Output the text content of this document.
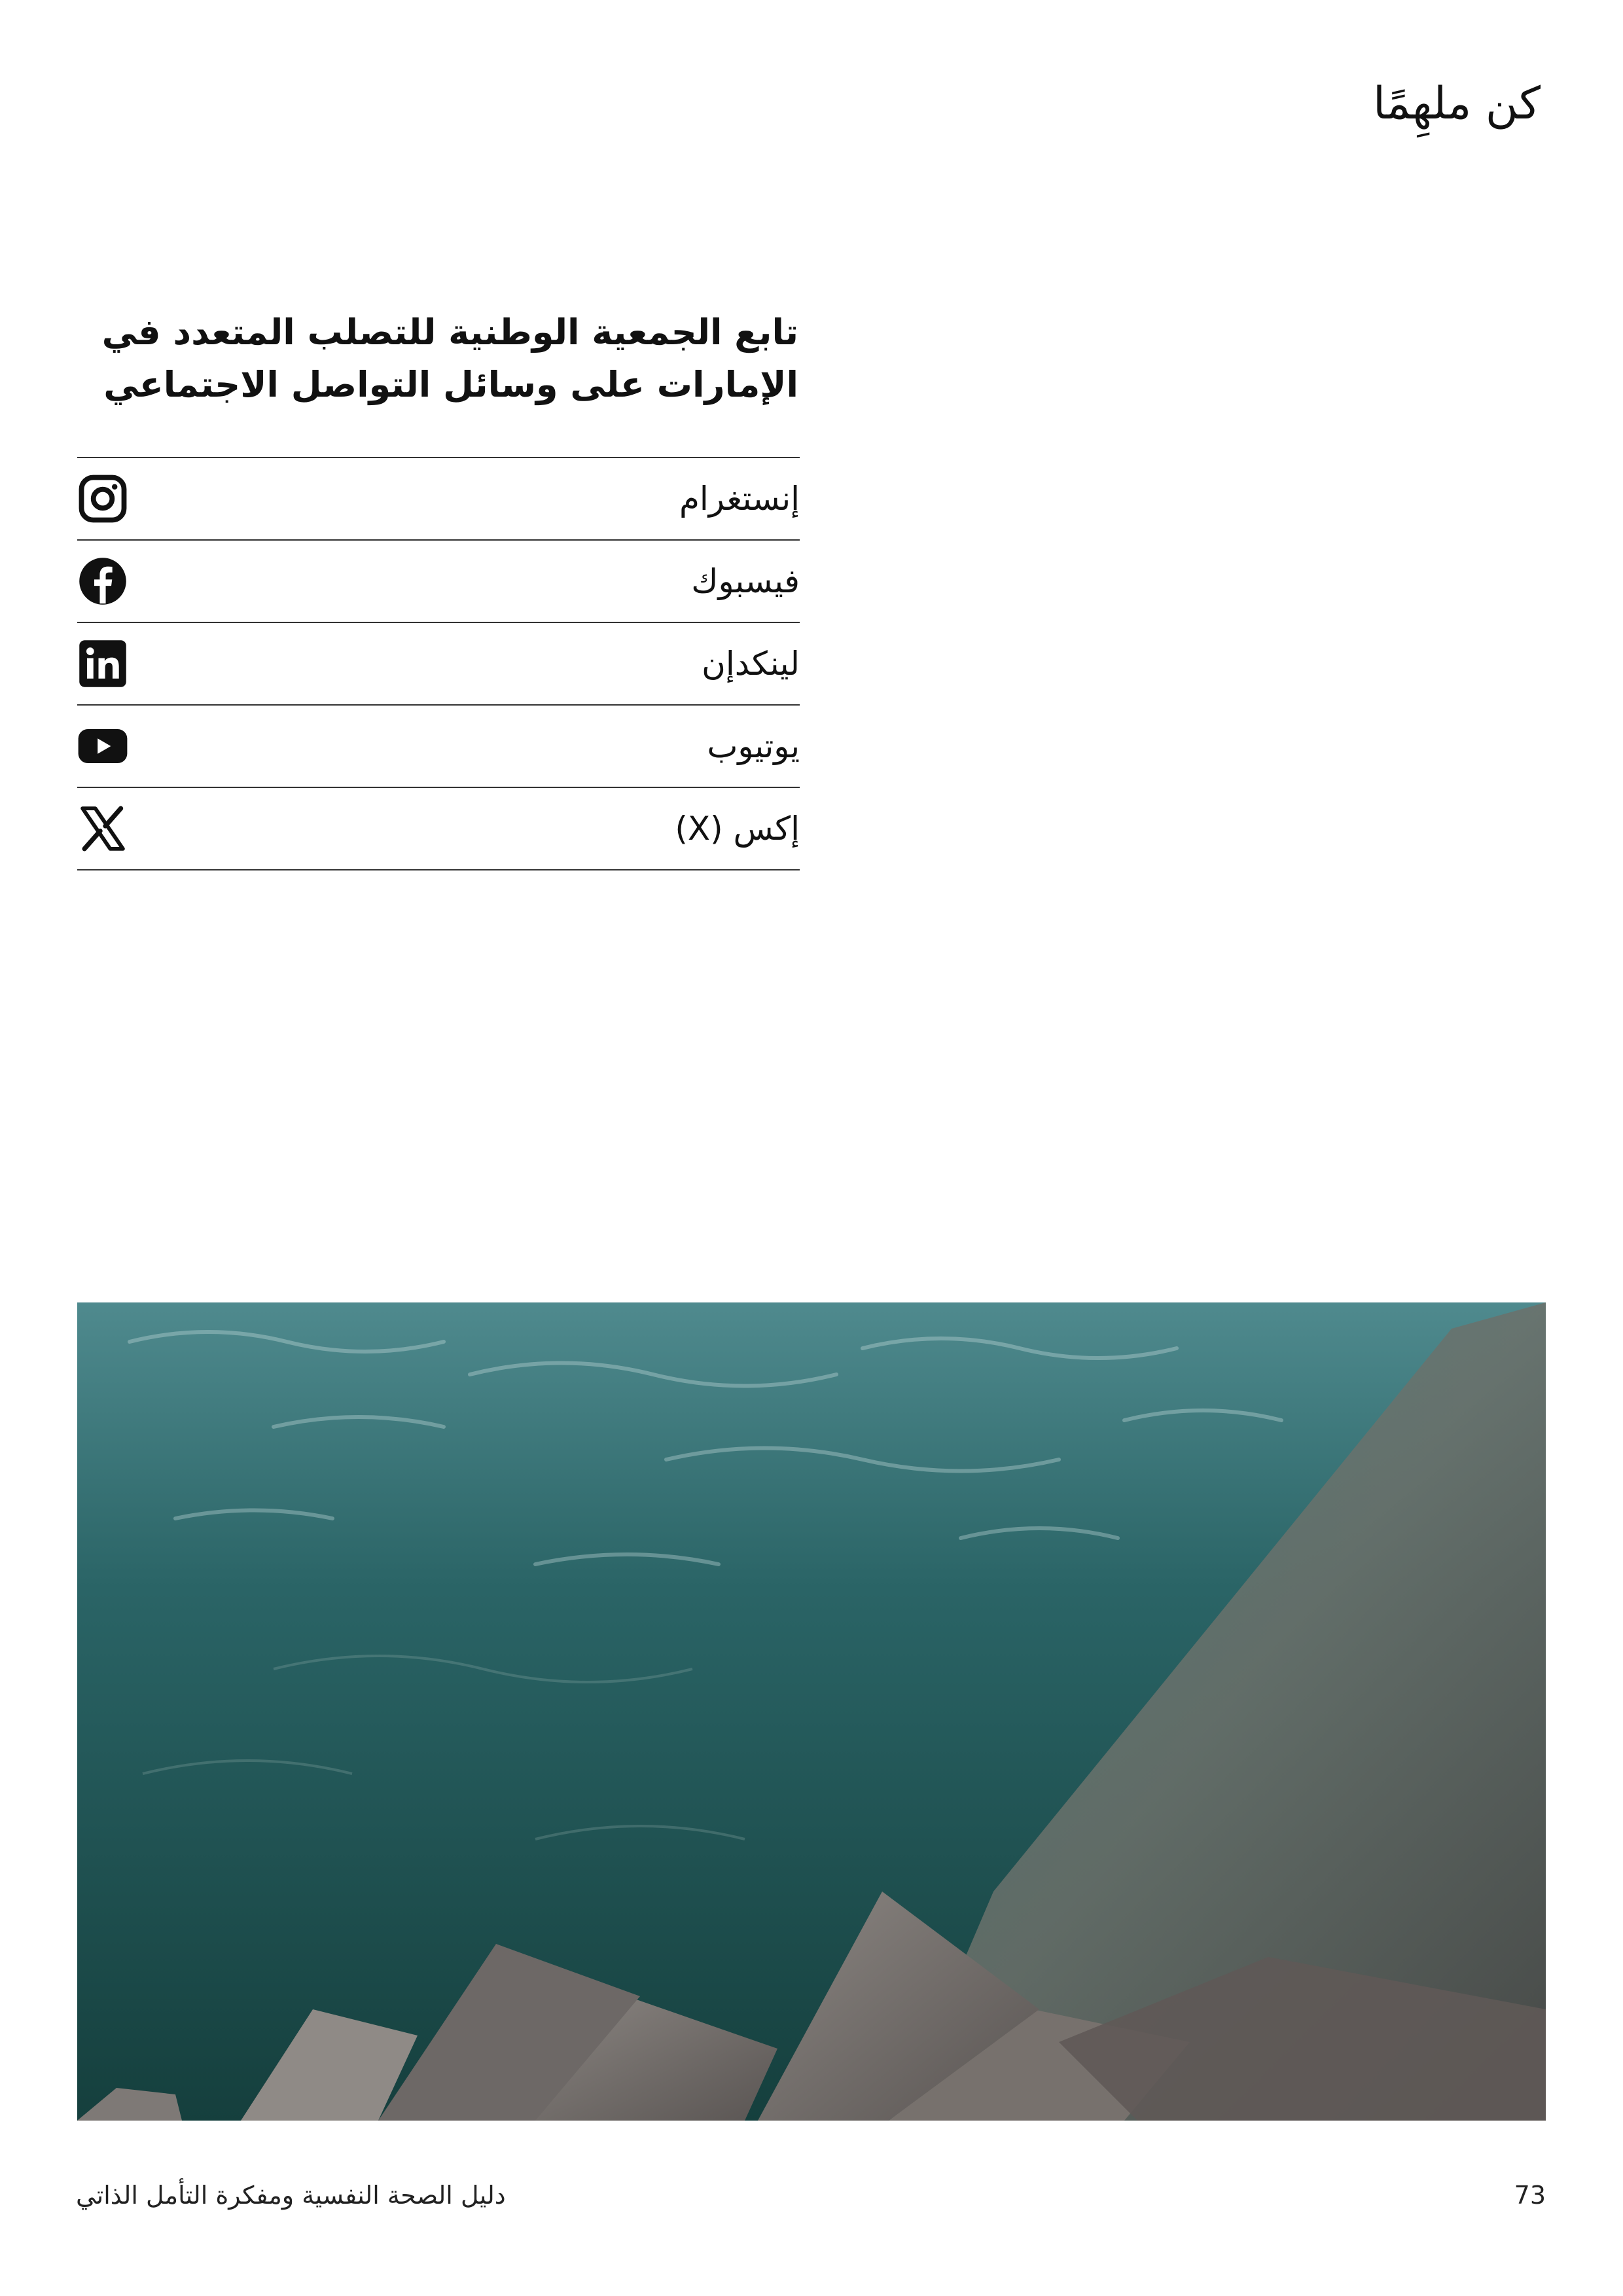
كن ملهِمًا
تابع الجمعية الوطنية للتصلب المتعدد في
الإمارات على وسائل التواصل الاجتماعي
إنستغرام
فيسبوك
لينكدإن
يوتيوب
إكس (X)
دليل الصحة النفسية ومفكرة التأمل الذاتي	73
